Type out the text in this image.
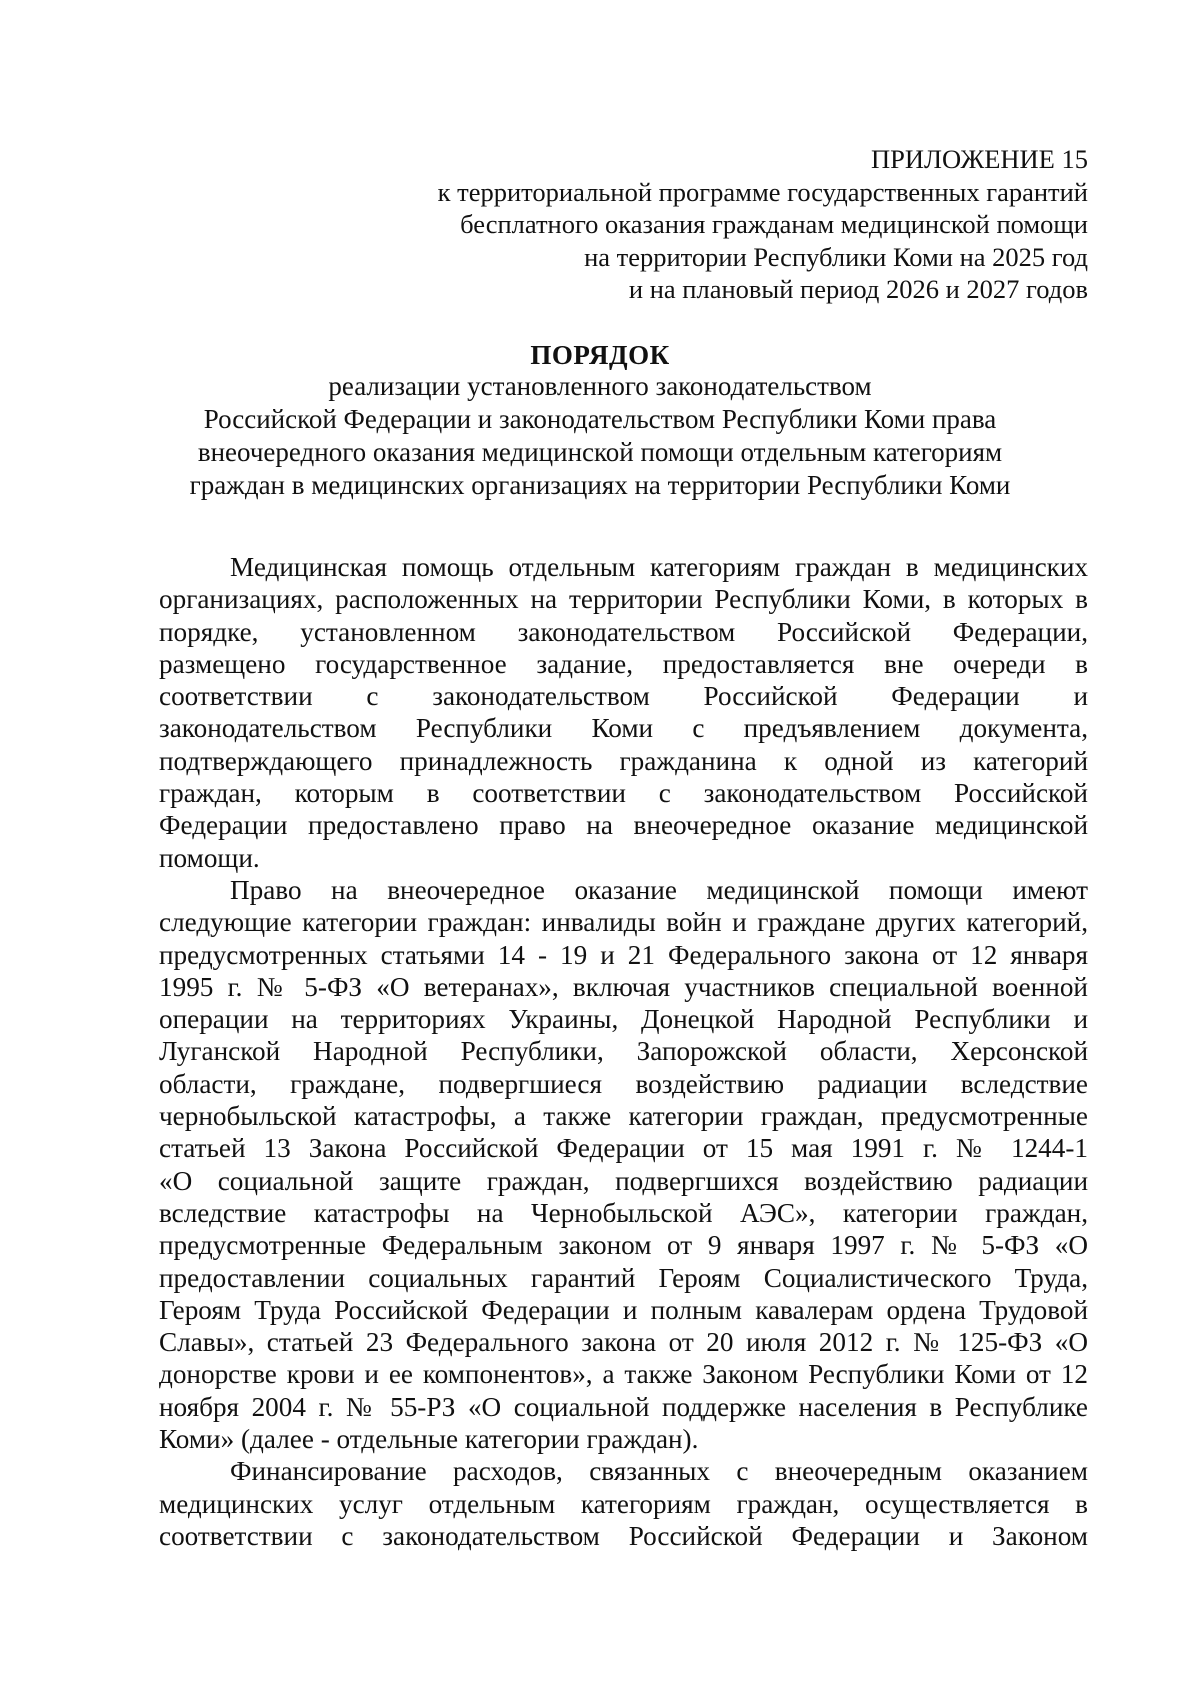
ПРИЛОЖЕНИЕ 15
к территориальной программе государственных гарантий
бесплатного оказания гражданам медицинской помощи
на территории Республики Коми на 2025 год
и на плановый период 2026 и 2027 годов
ПОРЯДОК
реализации установленного законодательством
Российской Федерации и законодательством Республики Коми права
внеочередного оказания медицинской помощи отдельным категориям
граждан в медицинских организациях на территории Республики Коми
Медицинская помощь отдельным категориям граждан в медицинских
организациях, расположенных на территории Республики Коми, в которых в
порядке, установленном законодательством Российской Федерации,
размещено государственное задание, предоставляется вне очереди в
соответствии с законодательством Российской Федерации и
законодательством Республики Коми с предъявлением документа,
подтверждающего принадлежность гражданина к одной из категорий
граждан, которым в соответствии с законодательством Российской
Федерации предоставлено право на внеочередное оказание медицинской
помощи.
Право на внеочередное оказание медицинской помощи имеют
следующие категории граждан: инвалиды войн и граждане других категорий,
предусмотренных статьями 14 - 19 и 21 Федерального закона от 12 января
1995 г. № 5-ФЗ «О ветеранах», включая участников специальной военной
операции на территориях Украины, Донецкой Народной Республики и
Луганской Народной Республики, Запорожской области, Херсонской
области, граждане, подвергшиеся воздействию радиации вследствие
чернобыльской катастрофы, а также категории граждан, предусмотренные
статьей 13 Закона Российской Федерации от 15 мая 1991 г. № 1244-1
«О социальной защите граждан, подвергшихся воздействию радиации
вследствие катастрофы на Чернобыльской АЭС», категории граждан,
предусмотренные Федеральным законом от 9 января 1997 г. № 5-ФЗ «О
предоставлении социальных гарантий Героям Социалистического Труда,
Героям Труда Российской Федерации и полным кавалерам ордена Трудовой
Славы», статьей 23 Федерального закона от 20 июля 2012 г. № 125-ФЗ «О
донорстве крови и ее компонентов», а также Законом Республики Коми от 12
ноября 2004 г. № 55-РЗ «О социальной поддержке населения в Республике
Коми» (далее - отдельные категории граждан).
Финансирование расходов, связанных с внеочередным оказанием
медицинских услуг отдельным категориям граждан, осуществляется в
соответствии с законодательством Российской Федерации и Законом
